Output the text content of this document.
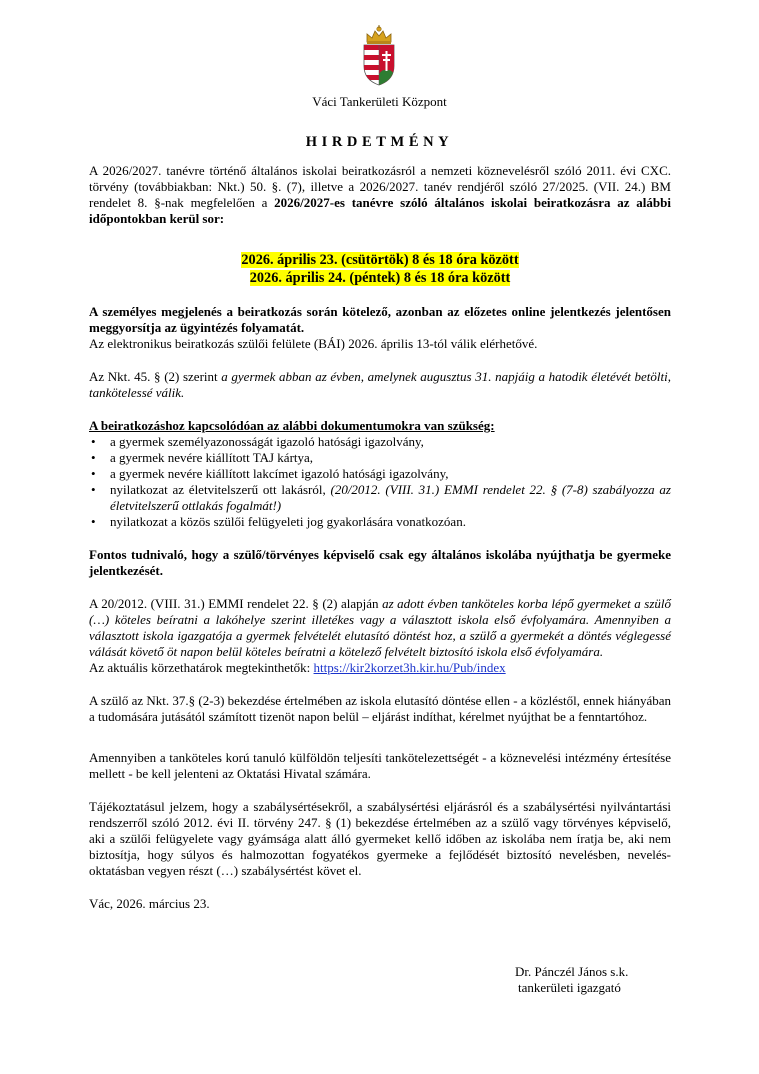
Váci Tankerületi Központ
HIRDETMÉNY

A 2026/2027. tanévre történő általános iskolai beiratkozásról a nemzeti köznevelésről szóló 2011. évi CXC. törvény (továbbiakban: Nkt.) 50. §. (7), illetve a 2026/2027. tanév rendjéről szóló 27/2025. (VII. 24.) BM rendelet 8. §-nak megfelelően a 2026/2027-es tanévre szóló általános iskolai beiratkozásra az alábbi időpontokban kerül sor:

2026. április 23. (csütörtök) 8 és 18 óra között
2026. április 24. (péntek) 8 és 18 óra között

A személyes megjelenés a beiratkozás során kötelező, azonban az előzetes online jelentkezés jelentősen meggyorsítja az ügyintézés folyamatát.
Az elektronikus beiratkozás szülői felülete (BÁI) 2026. április 13-tól válik elérhetővé.

Az Nkt. 45. § (2) szerint a gyermek abban az évben, amelynek augusztus 31. napjáig a hatodik életévét betölti, tankötelessé válik.

A beiratkozáshoz kapcsolódóan az alábbi dokumentumokra van szükség:

• a gyermek személyazonosságát igazoló hatósági igazolvány,
• a gyermek nevére kiállított TAJ kártya,
• a gyermek nevére kiállított lakcímet igazoló hatósági igazolvány,
• nyilatkozat az életvitelszerű ott lakásról, (20/2012. (VIII. 31.) EMMI rendelet 22. § (7-8) szabályozza az életvitelszerű ottlakás fogalmát!)
• nyilatkozat a közös szülői felügyeleti jog gyakorlására vonatkozóan.

Fontos tudnivaló, hogy a szülő/törvényes képviselő csak egy általános iskolába nyújthatja be gyermeke jelentkezését.

A 20/2012. (VIII. 31.) EMMI rendelet 22. § (2) alapján az adott évben tanköteles korba lépő gyermeket a szülő (…) köteles beíratni a lakóhelye szerint illetékes vagy a választott iskola első évfolyamára. Amennyiben a választott iskola igazgatója a gyermek felvételét elutasító döntést hoz, a szülő a gyermekét a döntés véglegessé válását követő öt napon belül köteles beíratni a kötelező felvételt biztosító iskola első évfolyamára.
Az aktuális körzethatárok megtekinthetők: https://kir2korzet3h.kir.hu/Pub/index

A szülő az Nkt. 37.§ (2-3) bekezdése értelmében az iskola elutasító döntése ellen - a közléstől, ennek hiányában a tudomására jutásától számított tizenöt napon belül – eljárást indíthat, kérelmet nyújthat be a fenntartóhoz.

Amennyiben a tanköteles korú tanuló külföldön teljesíti tankötelezettségét - a köznevelési intézmény értesítése mellett - be kell jelenteni az Oktatási Hivatal számára.

Tájékoztatásul jelzem, hogy a szabálysértésekről, a szabálysértési eljárásról és a szabálysértési nyilvántartási rendszerről szóló 2012. évi II. törvény 247. § (1) bekezdése értelmében az a szülő vagy törvényes képviselő, aki a szülői felügyelete vagy gyámsága alatt álló gyermeket kellő időben az iskolába nem íratja be, aki nem biztosítja, hogy súlyos és halmozottan fogyatékos gyermeke a fejlődését biztosító nevelésben, nevelés-oktatásban vegyen részt (…) szabálysértést követ el.

Vác, 2026. március 23.

Dr. Pánczél János s.k.
tankerületi igazgató
